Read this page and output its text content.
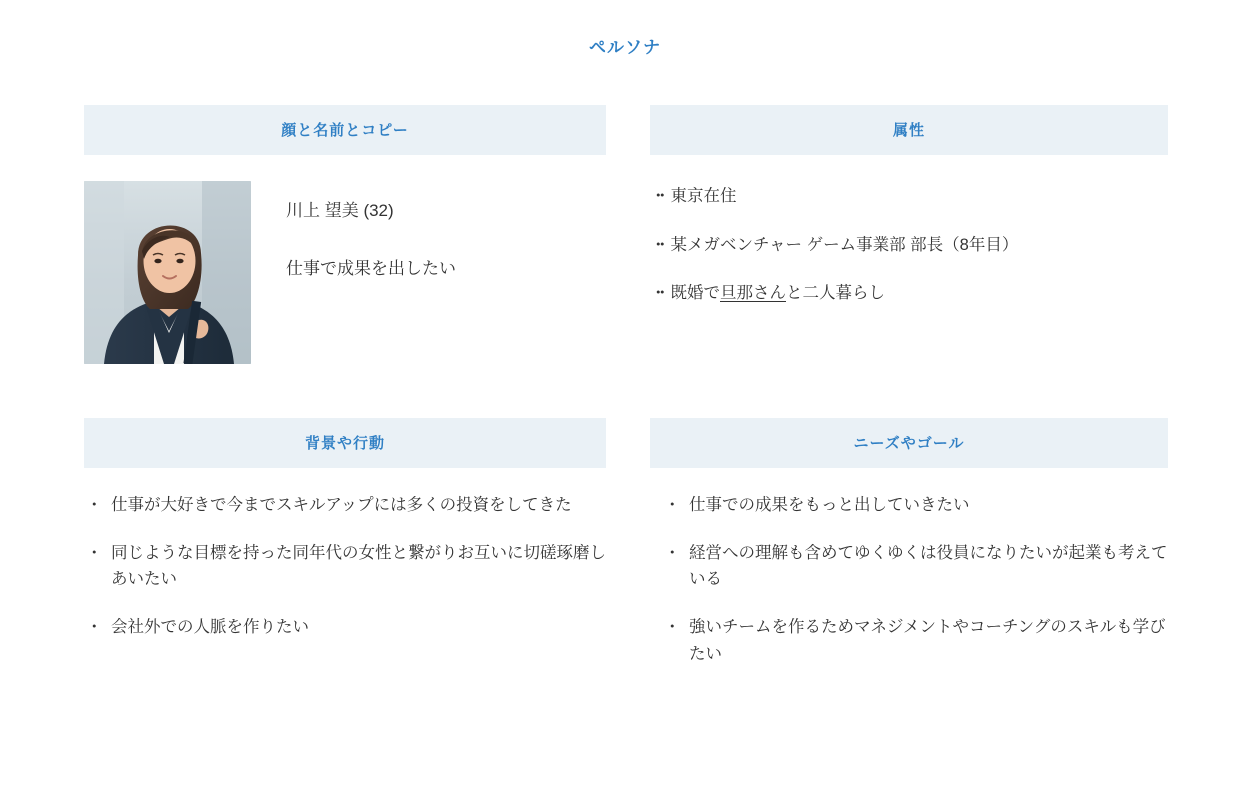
ペルソナ
顔と名前とコピー
川上 望美 (32)
仕事で成果を出したい
属性
・ ・東京在住
・ ・某メガベンチャー ゲーム事業部 部長（8年目）
・ ・既婚で旦那さんと二人暮らし
背景や行動
・ 仕事が大好きで今までスキルアップには多くの投資をしてきた
・ 同じような目標を持った同年代の女性と繋がりお互いに切磋琢磨しあいたい
・ 会社外での人脈を作りたい
ニーズやゴール
・ 仕事での成果をもっと出していきたい
・ 経営への理解も含めてゆくゆくは役員になりたいが起業も考えている
・ 強いチームを作るためマネジメントやコーチングのスキルも学びたい
